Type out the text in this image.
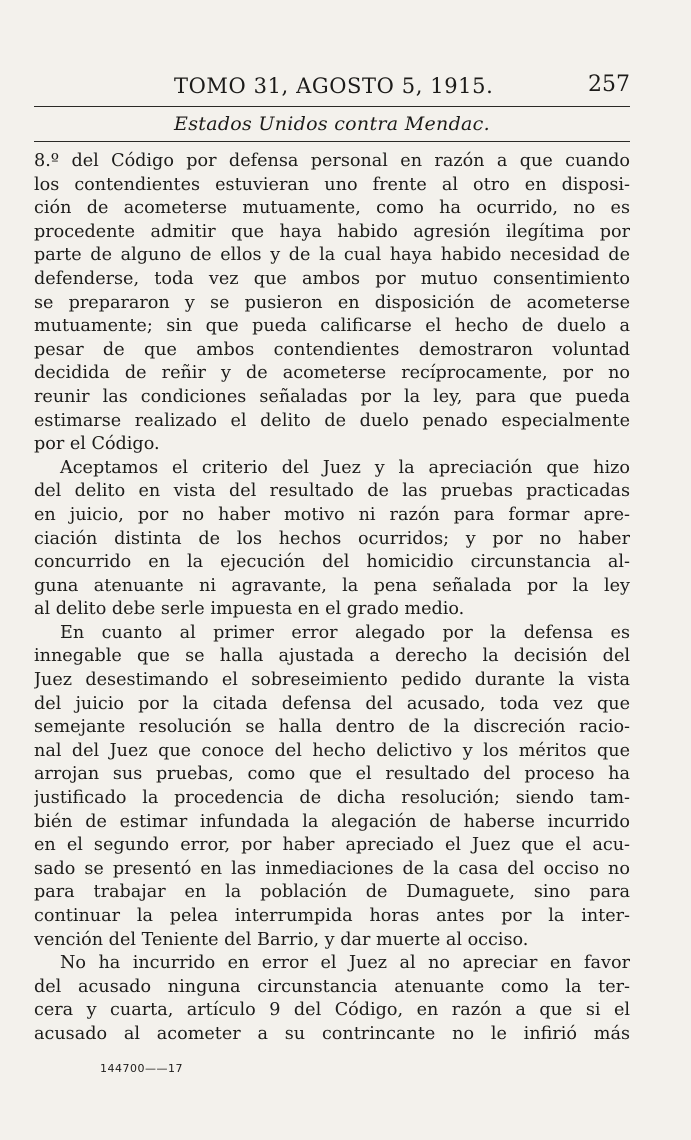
TOMO 31, AGOSTO 5, 1915.	257
Estados Unidos contra Mendac.
8.º del Código por defensa personal en razón a que cuando
los contendientes estuvieran uno frente al otro en disposi-
ción de acometerse mutuamente, como ha ocurrido, no es
procedente admitir que haya habido agresión ilegítima por
parte de alguno de ellos y de la cual haya habido necesidad de
defenderse, toda vez que ambos por mutuo consentimiento
se prepararon y se pusieron en disposición de acometerse
mutuamente; sin que pueda calificarse el hecho de duelo a
pesar de que ambos contendientes demostraron voluntad
decidida de reñir y de acometerse recíprocamente, por no
reunir las condiciones señaladas por la ley, para que pueda
estimarse realizado el delito de duelo penado especialmente
por el Código.
Aceptamos el criterio del Juez y la apreciación que hizo
del delito en vista del resultado de las pruebas practicadas
en juicio, por no haber motivo ni razón para formar apre-
ciación distinta de los hechos ocurridos; y por no haber
concurrido en la ejecución del homicidio circunstancia al-
guna atenuante ni agravante, la pena señalada por la ley
al delito debe serle impuesta en el grado medio.
En cuanto al primer error alegado por la defensa es
innegable que se halla ajustada a derecho la decisión del
Juez desestimando el sobreseimiento pedido durante la vista
del juicio por la citada defensa del acusado, toda vez que
semejante resolución se halla dentro de la discreción racio-
nal del Juez que conoce del hecho delictivo y los méritos que
arrojan sus pruebas, como que el resultado del proceso ha
justificado la procedencia de dicha resolución; siendo tam-
bién de estimar infundada la alegación de haberse incurrido
en el segundo error, por haber apreciado el Juez que el acu-
sado se presentó en las inmediaciones de la casa del occiso no
para trabajar en la población de Dumaguete, sino para
continuar la pelea interrumpida horas antes por la inter-
vención del Teniente del Barrio, y dar muerte al occiso.
No ha incurrido en error el Juez al no apreciar en favor
del acusado ninguna circunstancia atenuante como la ter-
cera y cuarta, artículo 9 del Código, en razón a que si el
acusado al acometer a su contrincante no le infirió más
144700——17
